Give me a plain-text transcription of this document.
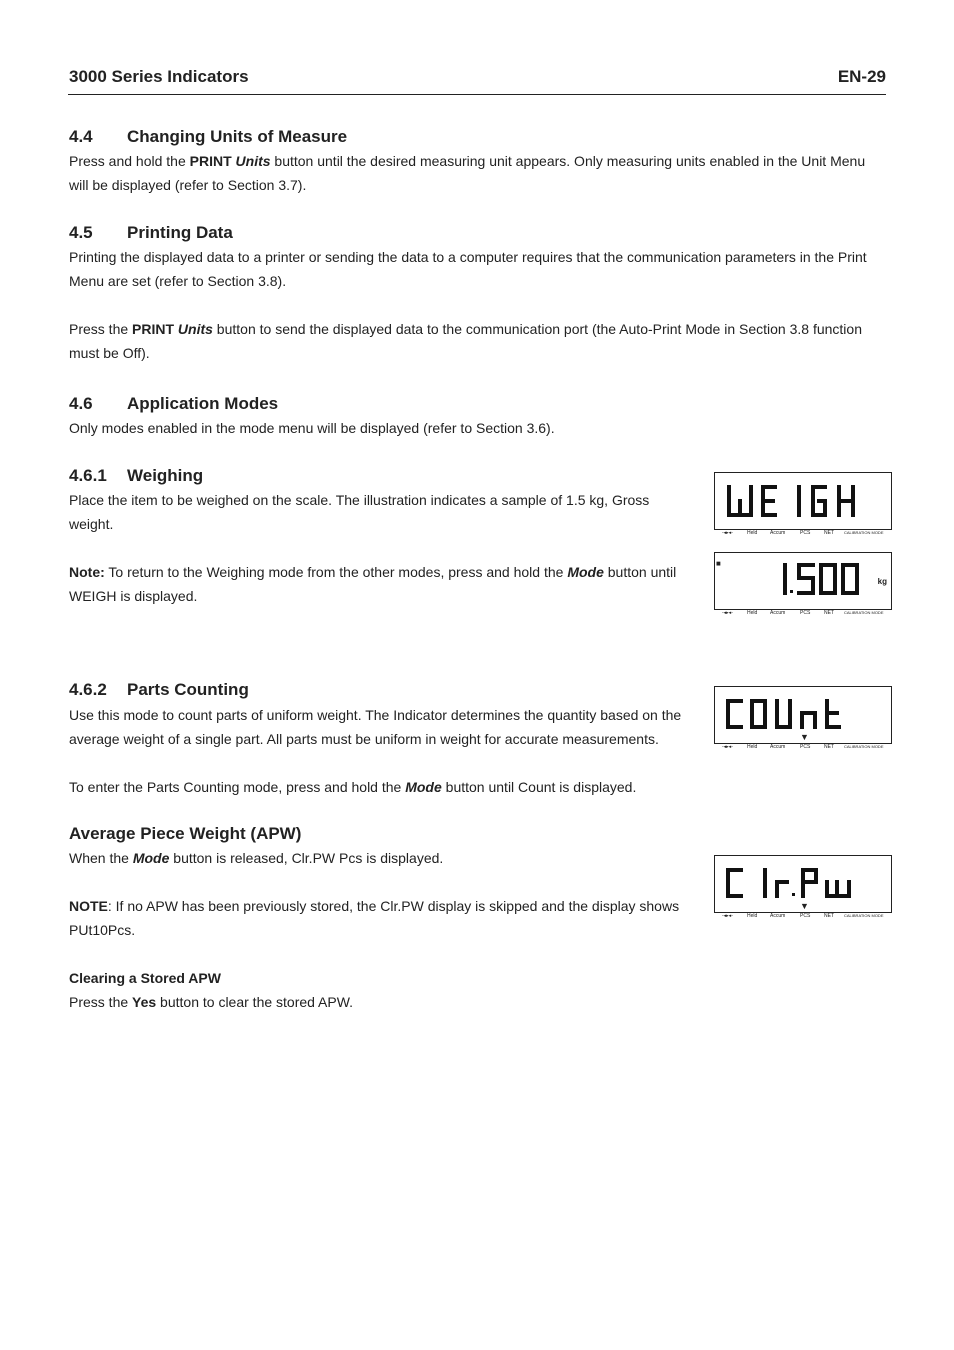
3000 Series Indicators	EN-29
4.4 Changing Units of Measure

Press and hold the PRINT Units button until the desired measuring unit appears. Only measuring units enabled in the Unit Menu will be displayed (refer to Section 3.7).

4.5 Printing Data

Printing the displayed data to a printer or sending the data to a computer requires that the communication parameters in the Print Menu are set (refer to Section 3.8).

Press the PRINT Units button to send the displayed data to the communication port (the Auto-Print Mode in Section 3.8 function must be Off).

4.6 Application Modes

Only modes enabled in the mode menu will be displayed (refer to Section 3.6).

4.6.1 Weighing

Place the item to be weighed on the scale. The illustration indicates a sample of 1.5 kg, Gross weight.

Note: To return to the Weighing mode from the other modes, press and hold the Mode button until WEIGH is displayed.

4.6.2 Parts Counting

Use this mode to count parts of uniform weight. The Indicator determines the quantity based on the average weight of a single part. All parts must be uniform in weight for accurate measurements.

To enter the Parts Counting mode, press and hold the Mode button until Count is displayed.

Average Piece Weight (APW)

When the Mode button is released, Clr.PW Pcs is displayed.

NOTE: If no APW has been previously stored, the Clr.PW display is skipped and the display shows PUt10Pcs.

Clearing a Stored APW

Press the Yes button to clear the stored APW.

-◂▸◂-	Held	Accum	PCS	NET	CALIBRATION MODE
■
kg
-◂▸◂-	Held	Accum	PCS	NET	CALIBRATION MODE
▼
-◂▸◂-	Held	Accum	PCS	NET	CALIBRATION MODE
▼
-◂▸◂-	Held	Accum	PCS	NET	CALIBRATION MODE
